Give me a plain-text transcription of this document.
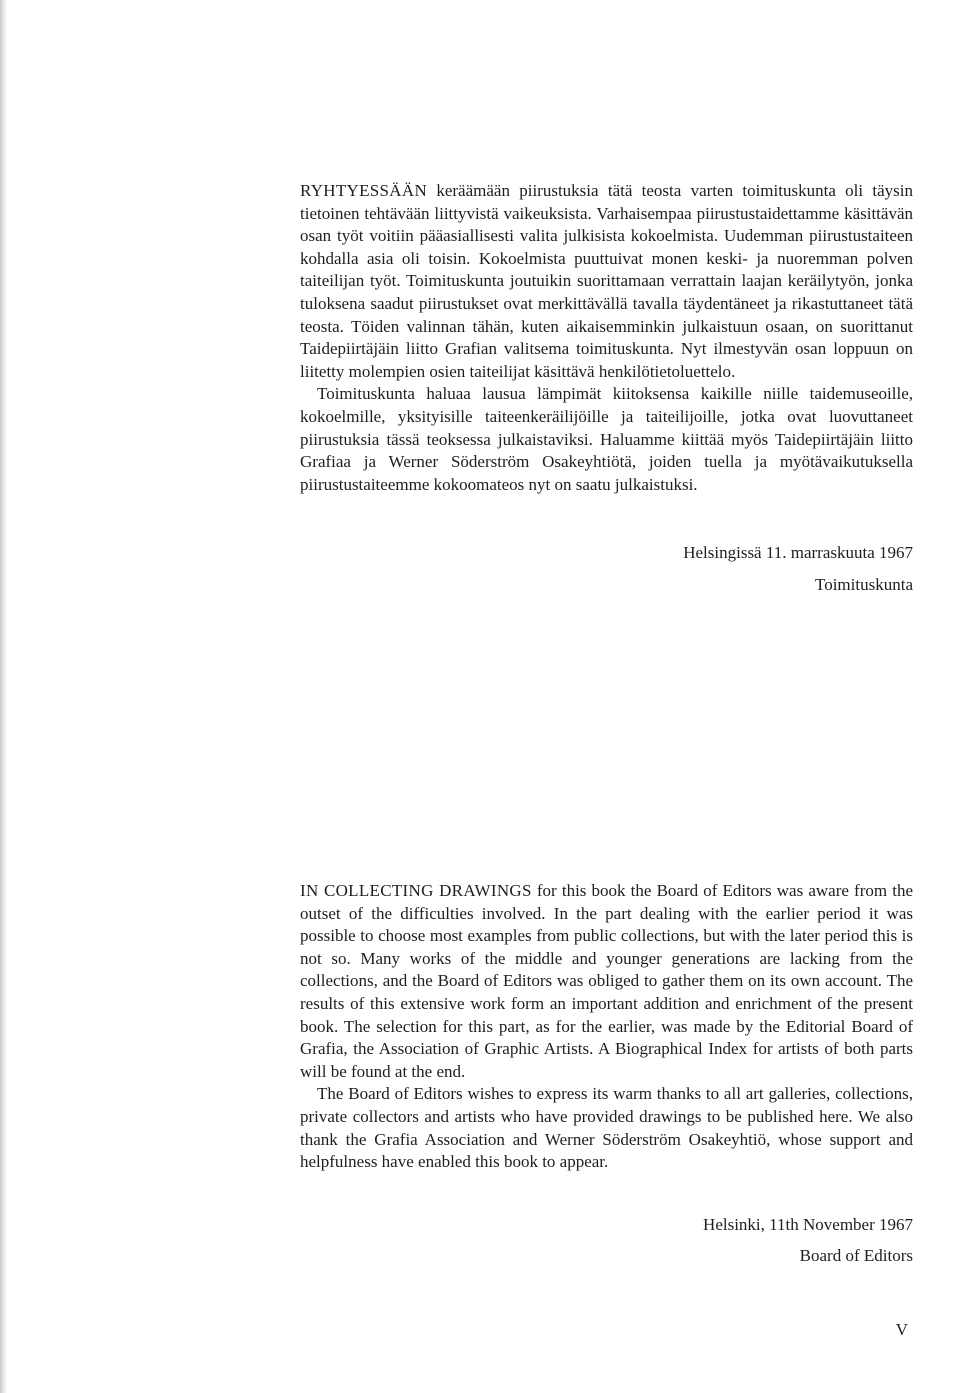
RYHTYESSÄÄN keräämään piirustuksia tätä teosta varten toimituskunta oli täysin tietoinen tehtävään liittyvistä vaikeuksista. Varhaisempaa piirustustaidettamme käsittävän osan työt voitiin pääasiallisesti valita julkisista kokoelmista. Uudemman piirustustaiteen kohdalla asia oli toisin. Kokoelmista puuttuivat monen keski- ja nuoremman polven taiteilijan työt. Toimituskunta joutuikin suorittamaan verrattain laajan keräilytyön, jonka tuloksena saadut piirustukset ovat merkittävällä tavalla täydentäneet ja rikastuttaneet tätä teosta. Töiden valinnan tähän, kuten aikaisemminkin julkaistuun osaan, on suorittanut Taidepiirtäjäin liitto Grafian valitsema toimituskunta. Nyt ilmestyvän osan loppuun on liitetty molempien osien taiteilijat käsittävä henkilötietoluettelo.

Toimituskunta haluaa lausua lämpimät kiitoksensa kaikille niille taidemuseoille, kokoelmille, yksityisille taiteenkeräilijöille ja taiteilijoille, jotka ovat luovuttaneet piirustuksia tässä teoksessa julkaistaviksi. Haluamme kiittää myös Taidepiirtäjäin liitto Grafiaa ja Werner Söderström Osakeyhtiötä, joiden tuella ja myötävaikutuksella piirustustaiteemme kokoomateos nyt on saatu julkaistuksi.

Helsingissä 11. marraskuuta 1967
Toimituskunta

IN COLLECTING DRAWINGS for this book the Board of Editors was aware from the outset of the difficulties involved. In the part dealing with the earlier period it was possible to choose most examples from public collections, but with the later period this is not so. Many works of the middle and younger generations are lacking from the collections, and the Board of Editors was obliged to gather them on its own account. The results of this extensive work form an important addition and enrichment of the present book. The selection for this part, as for the earlier, was made by the Editorial Board of Grafia, the Association of Graphic Artists. A Biographical Index for artists of both parts will be found at the end.

The Board of Editors wishes to express its warm thanks to all art galleries, collections, private collectors and artists who have provided drawings to be published here. We also thank the Grafia Association and Werner Söderström Osakeyhtiö, whose support and helpfulness have enabled this book to appear.

Helsinki, 11th November 1967
Board of Editors
V
